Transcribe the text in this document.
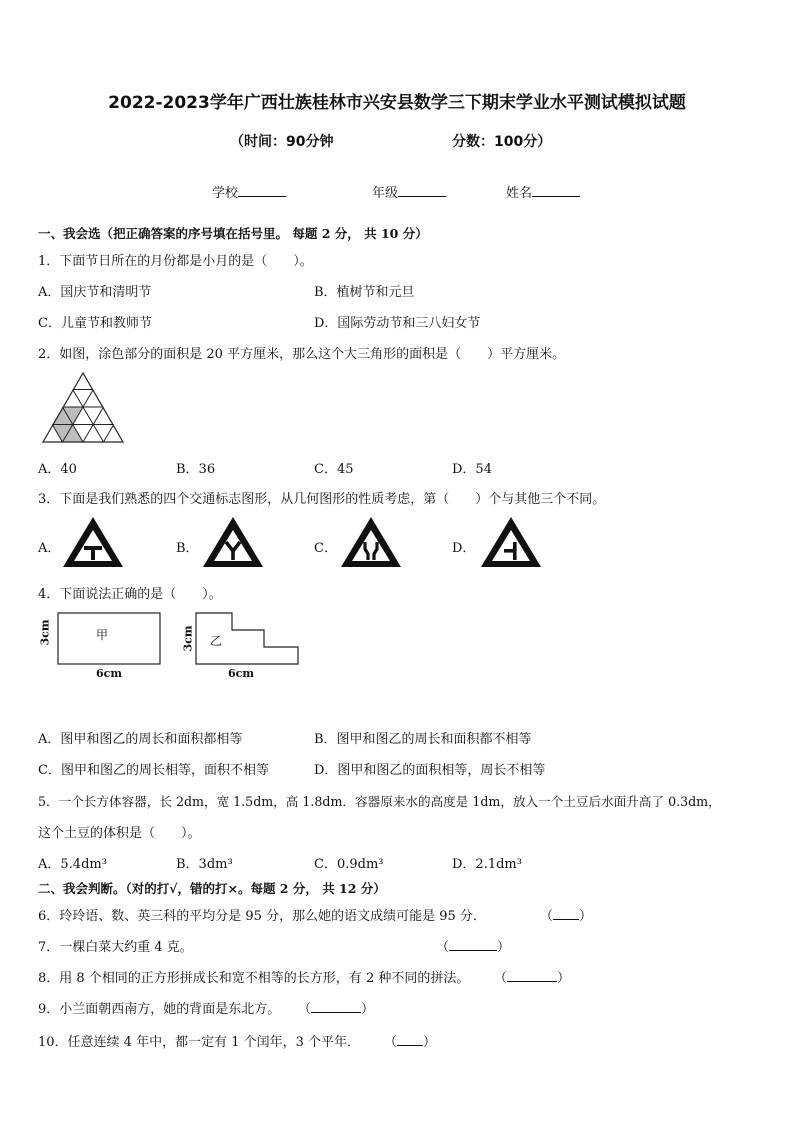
2022-2023学年广西壮族桂林市兴安县数学三下期末学业水平测试模拟试题
（时间：90分钟	分数：100分）
学校	年级	姓名
一、我会选（把正确答案的序号填在括号里。 每题 2 分， 共 10 分）
1．下面节日所在的月份都是小月的是（　　）。
A．国庆节和清明节	B．植树节和元旦
C．儿童节和教师节	D．国际劳动节和三八妇女节
2．如图，涂色部分的面积是 20 平方厘米，那么这个大三角形的面积是（　　）平方厘米。
A．40	B．36	C．45	D．54
3．下面是我们熟悉的四个交通标志图形，从几何图形的性质考虑，第（　　）个与其他三个不同。
A．	B．	C．	D．
4．下面说法正确的是（　　）。
甲
3cm
6cm
乙
3cm
6cm
A．图甲和图乙的周长和面积都相等	B．图甲和图乙的周长和面积都不相等
C．图甲和图乙的周长相等，面积不相等	D．图甲和图乙的面积相等，周长不相等
5．一个长方体容器，长 2dm，宽 1.5dm，高 1.8dm．容器原来水的高度是 1dm，放入一个土豆后水面升高了 0.3dm，
这个土豆的体积是（　　）。
A．5.4dm³	B．3dm³	C．0.9dm³	D．2.1dm³
二、我会判断。（对的打√，错的打×。每题 2 分， 共 12 分）
6．玲玲语、数、英三科的平均分是 95 分，那么她的语文成绩可能是 95 分．	（ ）
7．一棵白菜大约重 4 克。	（	）
8．用 8 个相同的正方形拼成长和宽不相等的长方形，有 2 种不同的拼法。 （	）
9．小兰面朝西南方，她的背面是东北方。 （	）
10．任意连续 4 年中，都一定有 1 个闰年，3 个平年． （ ）
